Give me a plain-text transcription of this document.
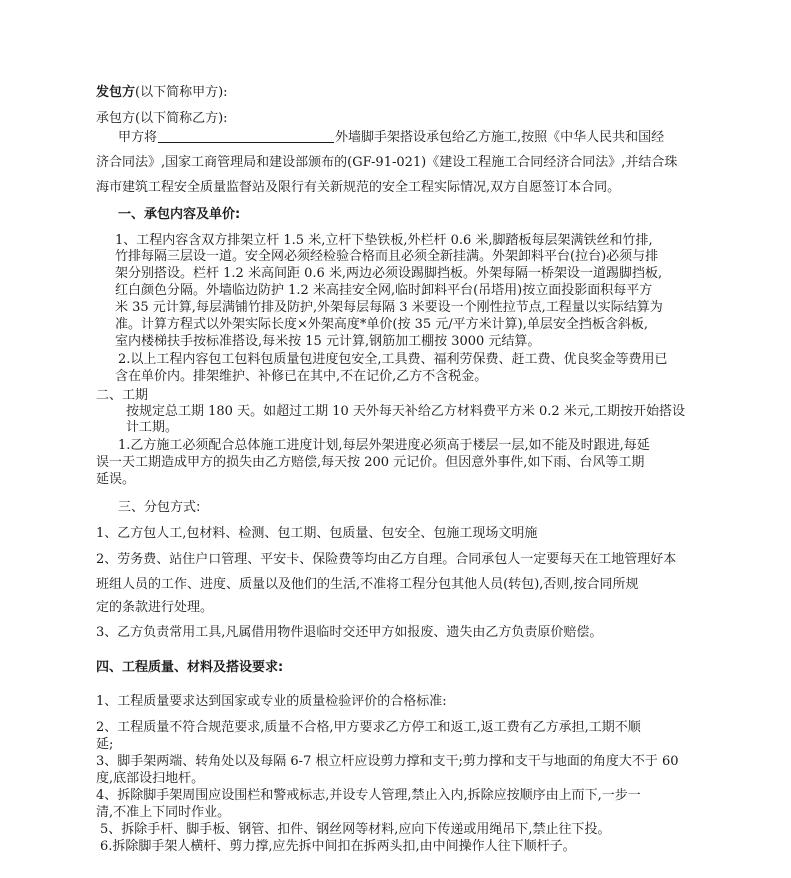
发包方(以下简称甲方):
承包方(以下简称乙方):
甲方将	外墙脚手架搭设承包给乙方施工,按照《中华人民共和国经
济合同法》,国家工商管理局和建设部颁布的(GF-91-021)《建设工程施工合同经济合同法》,并结合珠
海市建筑工程安全质量监督站及限行有关新规范的安全工程实际情况,双方自愿签订本合同。
一、承包内容及单价:
1、工程内容含双方排架立杆 1.5 米,立杆下垫铁板,外栏杆 0.6 米,脚踏板每层架满铁丝和竹排,
竹排每隔三层设一道。安全网必须经检验合格而且必须全新挂满。外架卸料平台(拉台)必须与排
架分别搭设。栏杆 1.2 米高间距 0.6 米,两边必须设踢脚挡板。外架每隔一桥架设一道踢脚挡板,
红白颜色分隔。外墙临边防护 1.2 米高挂安全网,临时卸料平台(吊塔用)按立面投影面积每平方
米 35 元计算,每层满铺竹排及防护,外架每层每隔 3 米要设一个刚性拉节点,工程量以实际结算为
准。计算方程式以外架实际长度×外架高度*单价(按 35 元/平方米计算),单层安全挡板含斜板,
室内楼梯扶手按标准搭设,每米按 15 元计算,钢筋加工棚按 3000 元结算。
2.以上工程内容包工包料包质量包进度包安全,工具费、福利劳保费、赶工费、优良奖金等费用已
含在单价内。排架维护、补修已在其中,不在记价,乙方不含税金。
二、工期
按规定总工期 180 天。如超过工期 10 天外每天补给乙方材料费平方米 0.2 米元,工期按开始搭设
计工期。
1.乙方施工必须配合总体施工进度计划,每层外架进度必须高于楼层一层,如不能及时跟进,每延
误一天工期造成甲方的损失由乙方赔偿,每天按 200 元记价。但因意外事件,如下雨、台风等工期
延误。
三、分包方式:
1、乙方包人工,包材料、检测、包工期、包质量、包安全、包施工现场文明施
2、劳务费、站住户口管理、平安卡、保险费等均由乙方自理。合同承包人一定要每天在工地管理好本
班组人员的工作、进度、质量以及他们的生活,不准将工程分包其他人员(转包),否则,按合同所规
定的条款进行处理。
3、乙方负责常用工具,凡属借用物件退临时交还甲方如报废、遗失由乙方负责原价赔偿。
四、工程质量、材料及搭设要求:
1、工程质量要求达到国家或专业的质量检验评价的合格标准:
2、工程质量不符合规范要求,质量不合格,甲方要求乙方停工和返工,返工费有乙方承担,工期不顺
延;
3、脚手架两端、转角处以及每隔 6-7 根立杆应设剪力撑和支干;剪力撑和支干与地面的角度大不于 60
度,底部设扫地杆。
4、拆除脚手架周围应设围栏和警戒标志,并设专人管理,禁止入内,拆除应按顺序由上而下,一步一
清,不准上下同时作业。
5、拆除手杆、脚手板、钢管、扣件、钢丝网等材料,应向下传递或用绳吊下,禁止往下投。
6.拆除脚手架人横杆、剪力撑,应先拆中间扣在拆两头扣,由中间操作人往下顺杆子。
